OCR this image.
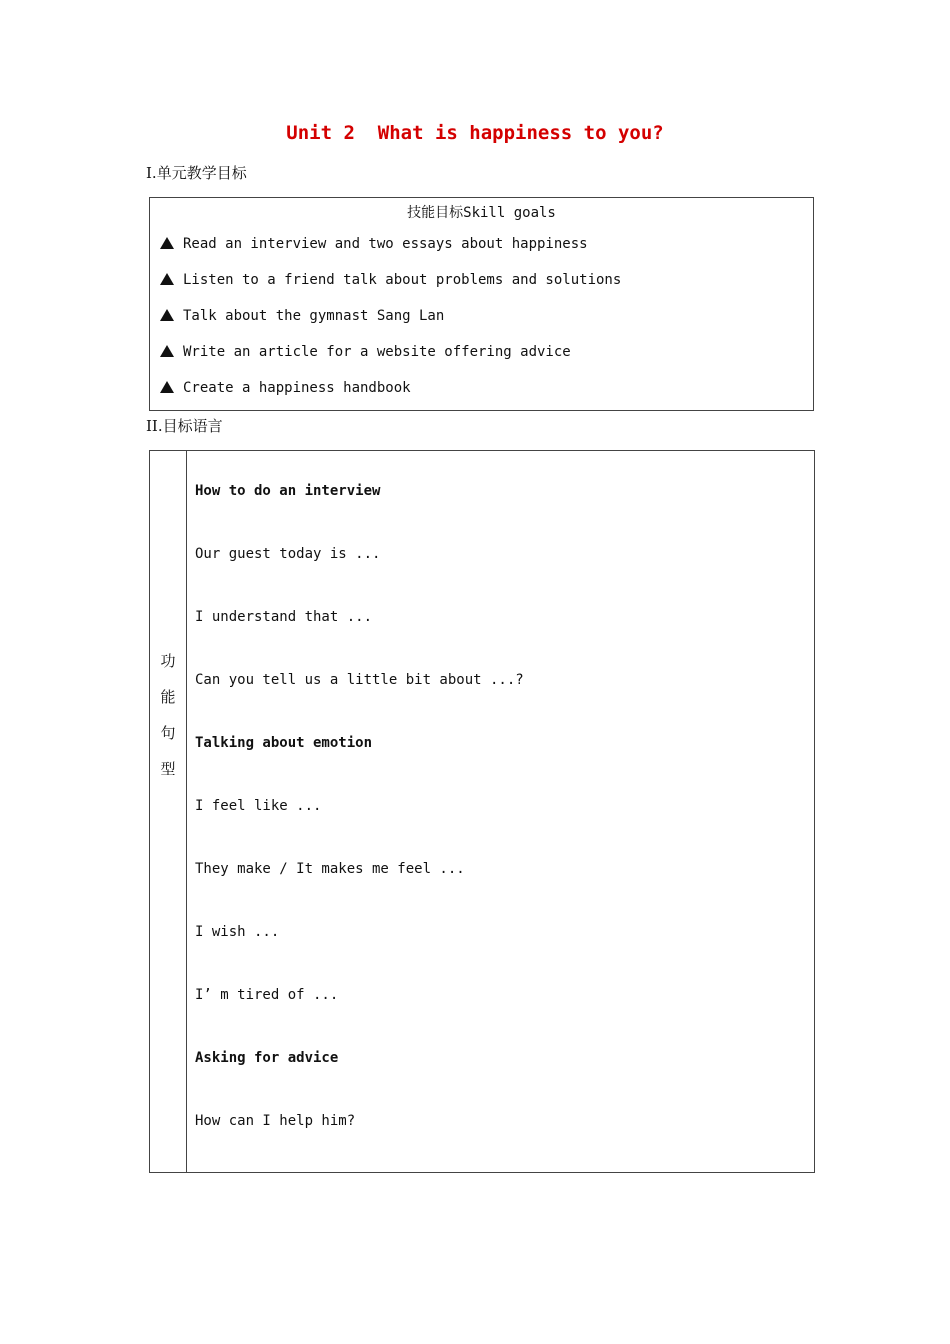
Unit 2  What is happiness to you?
I.单元教学目标
技能目标Skill goals
Read an interview and two essays about happiness
Listen to a friend talk about problems and solutions
Talk about the gymnast Sang Lan
Write an article for a website offering advice
Create a happiness handbook
II.目标语言
功
能
句
型
How to do an interview
Our guest today is ...
I understand that ...
Can you tell us a little bit about ...?
Talking about emotion
I feel like ...
They make / It makes me feel ...
I wish ...
I’ m tired of ...
Asking for advice
How can I help him?
